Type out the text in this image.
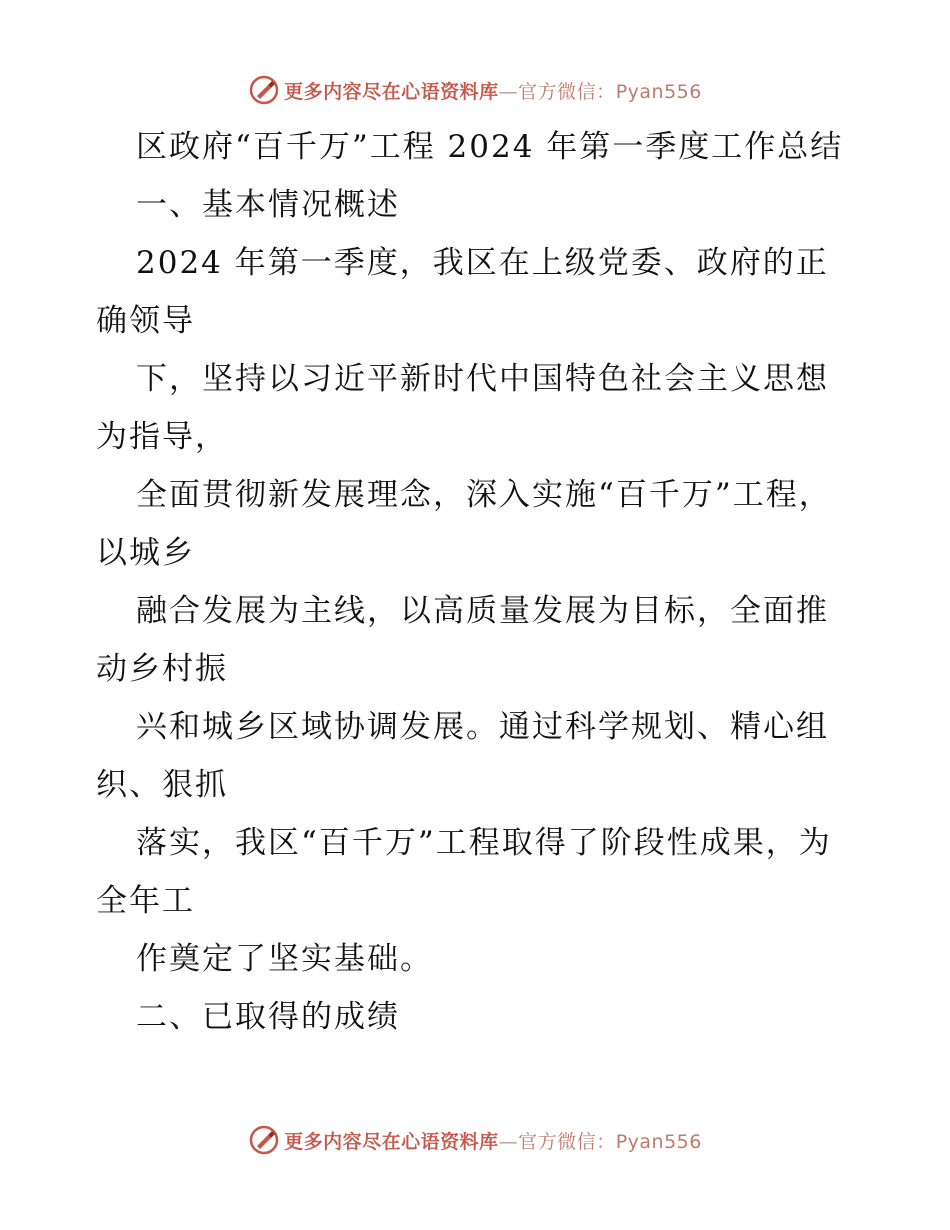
更多内容尽在心语资料库—官方微信：Pyan556

区政府“百千万”工程 2024 年第一季度工作总结

一、基本情况概述

2024 年第一季度，我区在上级党委、政府的正确领导

下，坚持以习近平新时代中国特色社会主义思想为指导，

全面贯彻新发展理念，深入实施“百千万”工程，以城乡

融合发展为主线，以高质量发展为目标，全面推动乡村振

兴和城乡区域协调发展。通过科学规划、精心组织、狠抓

落实，我区“百千万”工程取得了阶段性成果，为全年工

作奠定了坚实基础。

二、已取得的成绩

更多内容尽在心语资料库—官方微信：Pyan556
